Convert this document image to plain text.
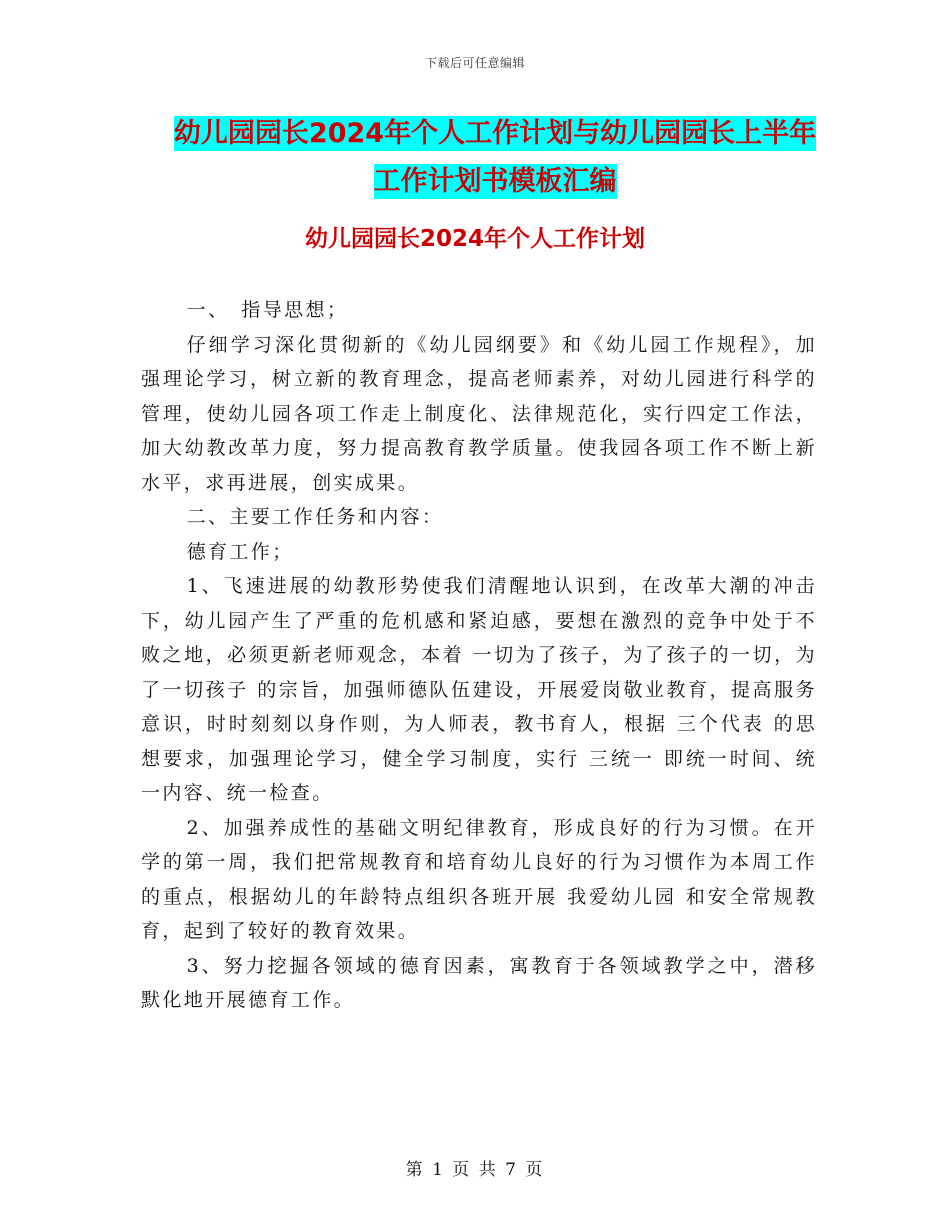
下载后可任意编辑
幼儿园园长2024年个人工作计划与幼儿园园长上半年
工作计划书模板汇编
幼儿园园长2024年个人工作计划

一、　指导思想；

仔细学习深化贯彻新的《幼儿园纲要》和《幼儿园工作规程》，加强理论学习，树立新的教育理念，提高老师素养，对幼儿园进行科学的管理，使幼儿园各项工作走上制度化、法律规范化，实行四定工作法，加大幼教改革力度，努力提高教育教学质量。使我园各项工作不断上新水平，求再进展，创实成果。

二、主要工作任务和内容：

德育工作；

1、飞速进展的幼教形势使我们清醒地认识到，在改革大潮的冲击下，幼儿园产生了严重的危机感和紧迫感，要想在激烈的竞争中处于不败之地，必须更新老师观念，本着 一切为了孩子，为了孩子的一切，为了一切孩子 的宗旨，加强师德队伍建设，开展爱岗敬业教育，提高服务意识，时时刻刻以身作则，为人师表，教书育人，根据 三个代表 的思想要求，加强理论学习，健全学习制度，实行 三统一 即统一时间、统一内容、统一检查。

2、加强养成性的基础文明纪律教育，形成良好的行为习惯。在开学的第一周，我们把常规教育和培育幼儿良好的行为习惯作为本周工作的重点，根据幼儿的年龄特点组织各班开展 我爱幼儿园 和安全常规教育，起到了较好的教育效果。

3、努力挖掘各领域的德育因素，寓教育于各领域教学之中，潜移默化地开展德育工作。

第 1 页 共 7 页
